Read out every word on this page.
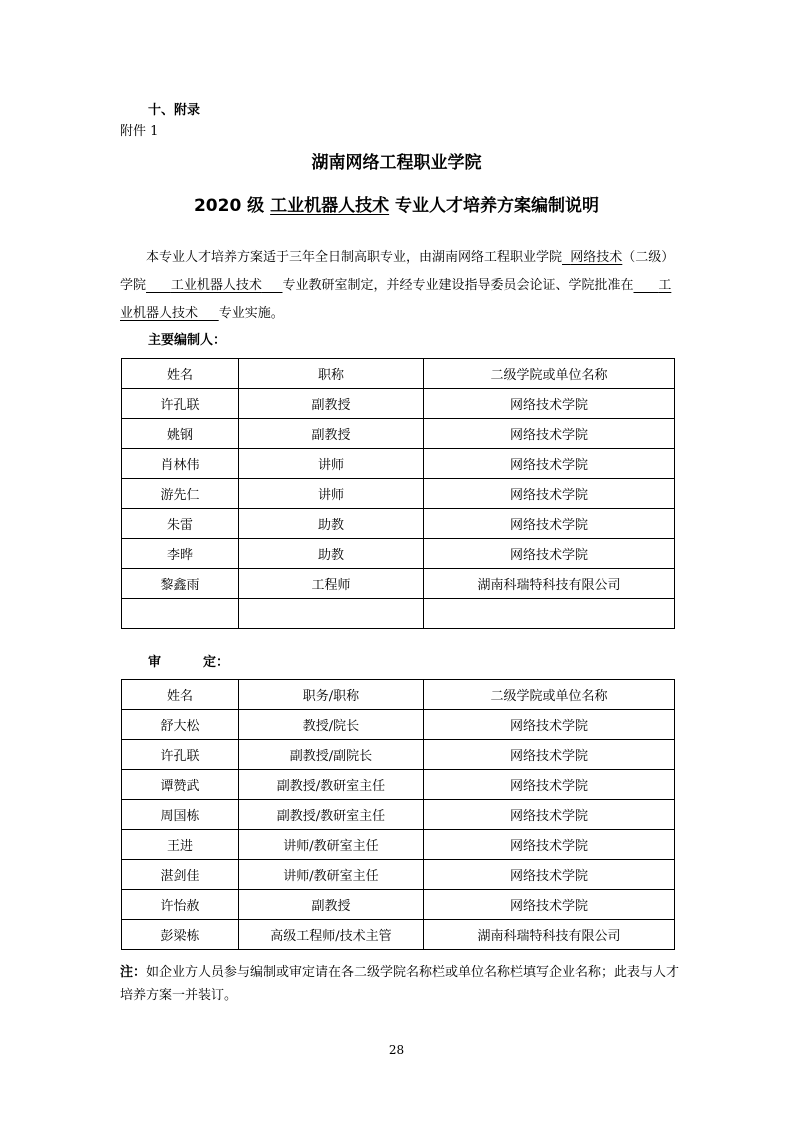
十、附录
附件 1
湖南网络工程职业学院
2020 级 工业机器人技术 专业人才培养方案编制说明
本专业人才培养方案适于三年全日制高职专业，由湖南网络工程职业学院 网络技术（二级）学院 工业机器人技术 专业教研室制定，并经专业建设指导委员会论证、学院批准在 工业机器人技术 专业实施。
主要编制人：
姓名	职称	二级学院或单位名称
许孔联	副教授	网络技术学院
姚钢	副教授	网络技术学院
肖林伟	讲师	网络技术学院
游先仁	讲师	网络技术学院
朱雷	助教	网络技术学院
李晔	助教	网络技术学院
黎鑫雨	工程师	湖南科瑞特科技有限公司

审	定：
姓名	职务/职称	二级学院或单位名称
舒大松	教授/院长	网络技术学院
许孔联	副教授/副院长	网络技术学院
谭赞武	副教授/教研室主任	网络技术学院
周国栋	副教授/教研室主任	网络技术学院
王进	讲师/教研室主任	网络技术学院
湛剑佳	讲师/教研室主任	网络技术学院
许怡赦	副教授	网络技术学院
彭梁栋	高级工程师/技术主管	湖南科瑞特科技有限公司
注：如企业方人员参与编制或审定请在各二级学院名称栏或单位名称栏填写企业名称；此表与人才培养方案一并装订。
28
